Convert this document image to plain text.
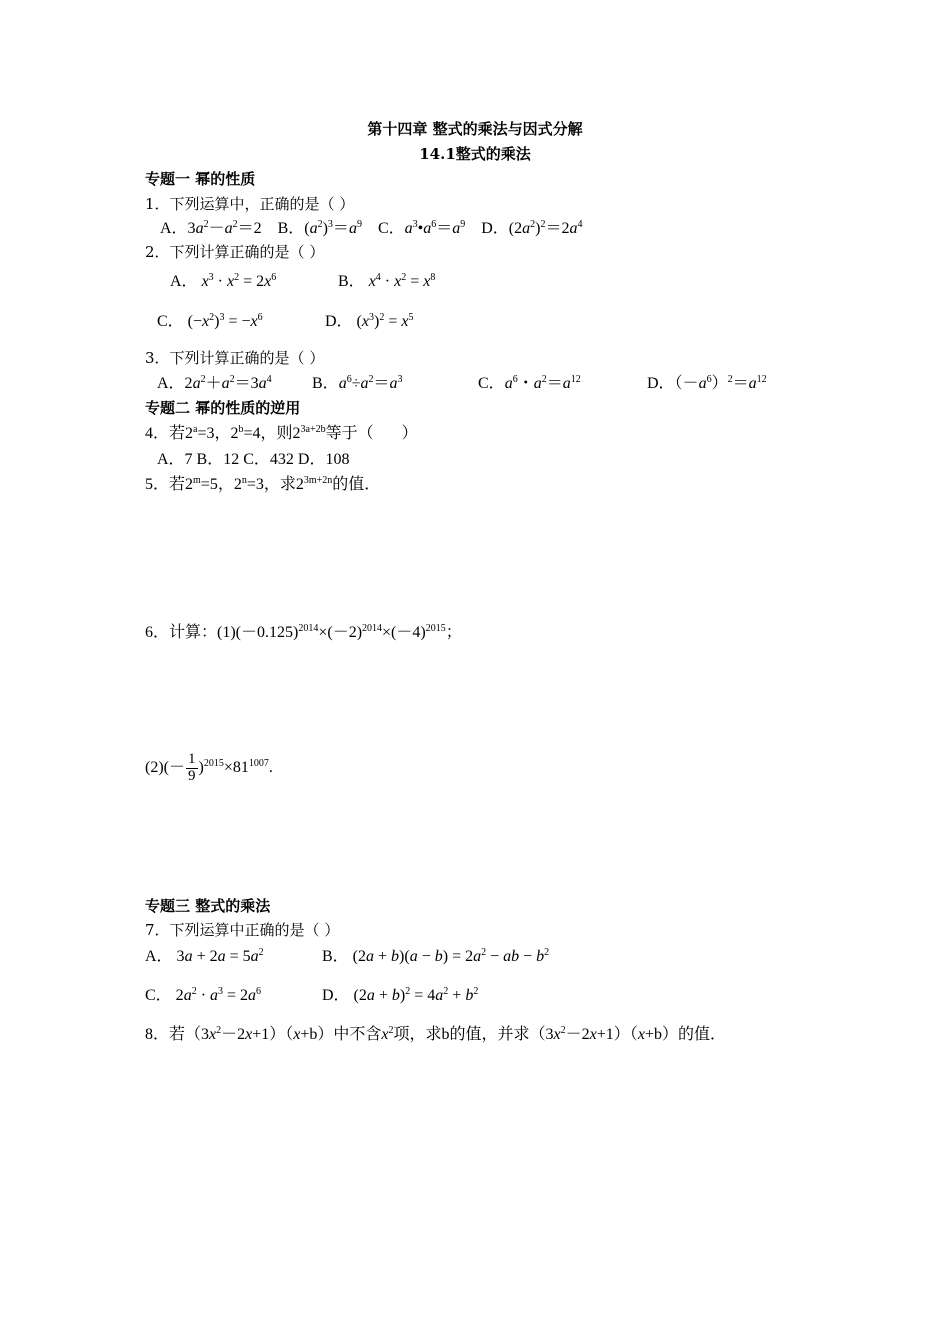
第十四章 整式的乘法与因式分解
14.1整式的乘法
专题一 幂的性质
1．下列运算中，正确的是（ ）
A．$3a^2-a^2=2$　B．$(a^2)^3=a^9$　C．$a^3•a^6=a^9$　D．$(2a^2)^2=2a^4$
2．下列计算正确的是（ ）
A． $x^3 \cdot x^2 = 2x^6$	B． $x^4 \cdot x^2 = x^8$
C． $(-x^2)^3 = -x^6$	D． $(x^3)^2 = x^5$
3．下列计算正确的是（ ）
A．$2a^2+a^2=3a^4$	B．$a^6\div a^2=a^3$	C．$a^6$・$a^2=a^{12}$	D．$(-a^6)^2=a^{12}$
专题二 幂的性质的逆用
4．若$2^a=3$，$2^b=4$，则$2^{3a+2b}$等于（       ）
A．7 B．12 C．432 D．108
5．若$2^m=5$，$2^n=3$，求$2^{3m+2n}$的值．
6．计算：$(1)(-0.125)^{2014}\times(-2)^{2014}\times(-4)^{2015}$；
$(2)(- \frac{1}{9} )^{2015}\times 81^{1007}$.
专题三 整式的乘法
7．下列运算中正确的是（ ）
A． $3a + 2a = 5a^2$	B． $(2a + b)(a - b) = 2a^2$ − ab − $b^2$
C． $2a^2 \cdot a^3 = 2a^6$	D． $(2a + b)^2 = 4a^2 + b^2$
8．若$(3x^2-2x+1)(x+b)$中不含$x^2$项，求b的值，并求$(3x^2-2x+1)(x+b)$的值．
